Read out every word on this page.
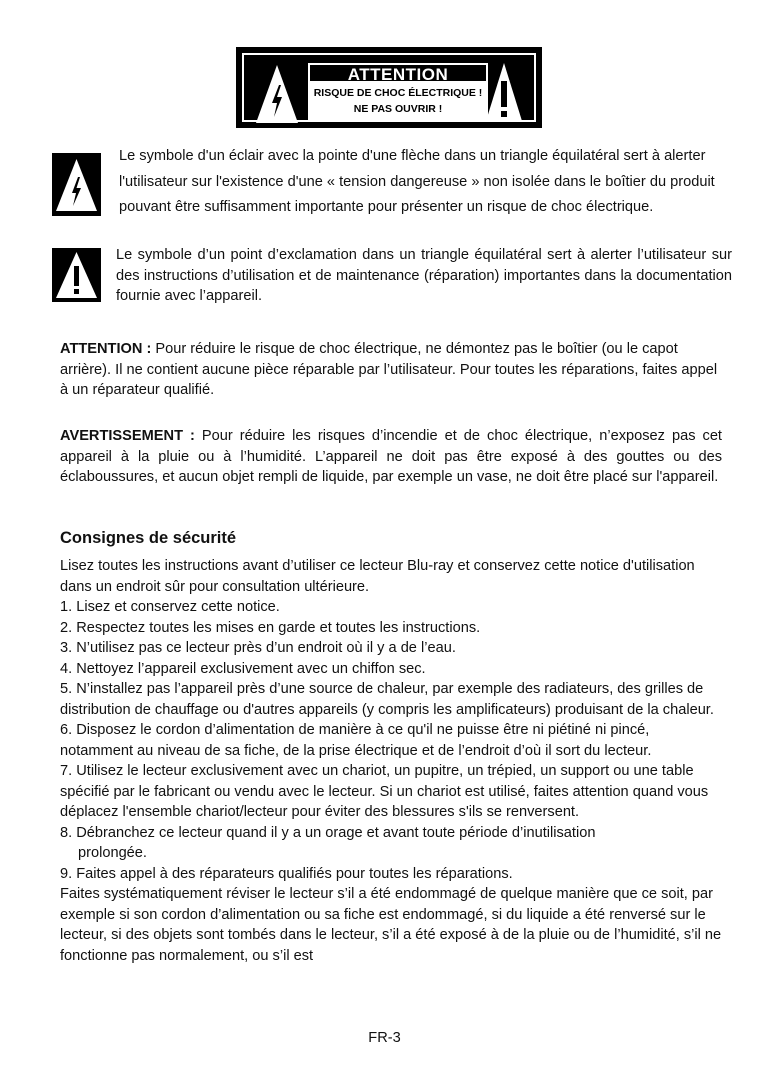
ATTENTION
RISQUE DE CHOC ÉLECTRIQUE !
NE PAS OUVRIR !
Le symbole d'un éclair avec la pointe d'une flèche dans un triangle équilatéral sert à alerter l'utilisateur sur l'existence d'une « tension dangereuse » non isolée dans le boîtier du produit pouvant être suffisamment importante pour présenter un risque de choc électrique.
Le symbole d’un point d’exclamation dans un triangle équilatéral sert à alerter l’utilisateur sur des instructions d’utilisation et de maintenance (réparation) importantes dans la documentation fournie avec l’appareil.
ATTENTION : Pour réduire le risque de choc électrique, ne démontez pas le boîtier (ou le capot arrière). Il ne contient aucune pièce réparable par l’utilisateur. Pour toutes les réparations, faites appel à un réparateur qualifié.
AVERTISSEMENT : Pour réduire les risques d’incendie et de choc électrique, n’exposez pas cet appareil à la pluie ou à l’humidité. L’appareil ne doit pas être exposé à des gouttes ou des éclaboussures, et aucun objet rempli de liquide, par exemple un vase, ne doit être placé sur l'appareil.
Consignes de sécurité

Lisez toutes les instructions avant d’utiliser ce lecteur Blu-ray et conservez cette notice d'utilisation dans un endroit sûr pour consultation ultérieure.

1. Lisez et conservez cette notice.

2. Respectez toutes les mises en garde et toutes les instructions.

3. N’utilisez pas ce lecteur près d’un endroit où il y a de l’eau.

4. Nettoyez l’appareil exclusivement avec un chiffon sec.

5. N’installez pas l’appareil près d’une source de chaleur, par exemple des radiateurs, des grilles de distribution de chauffage ou d'autres appareils (y compris les amplificateurs) produisant de la chaleur.

6. Disposez le cordon d’alimentation de manière à ce qu'il ne puisse être ni piétiné ni pincé, notamment au niveau de sa fiche, de la prise électrique et de l’endroit d’où il sort du lecteur.

7. Utilisez le lecteur exclusivement avec un chariot, un pupitre, un trépied, un support ou une table spécifié par le fabricant ou vendu avec le lecteur. Si un chariot est utilisé, faites attention quand vous déplacez l'ensemble chariot/lecteur pour éviter des blessures s'ils se renversent.

8. Débranchez ce lecteur quand il y a un orage et avant toute période d’inutilisation

prolongée.

9. Faites appel à des réparateurs qualifiés pour toutes les réparations.

Faites systématiquement réviser le lecteur s’il a été endommagé de quelque manière que ce soit, par exemple si son cordon d’alimentation ou sa fiche est endommagé, si du liquide a été renversé sur le lecteur, si des objets sont tombés dans le lecteur, s’il a été exposé à de la pluie ou de l’humidité, s’il ne fonctionne pas normalement, ou s’il est

FR-3
